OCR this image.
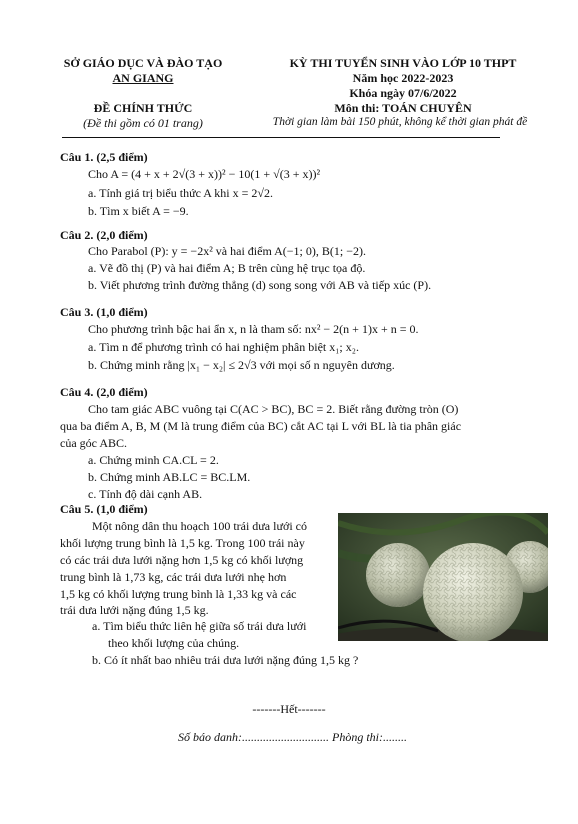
SỞ GIÁO DỤC VÀ ĐÀO TẠO
AN GIANG
ĐỀ CHÍNH THỨC
(Đề thi gồm có 01 trang)
KỲ THI TUYỂN SINH VÀO LỚP 10 THPT
Năm học 2022-2023
Khóa ngày 07/6/2022
Môn thi: TOÁN CHUYÊN
Thời gian làm bài 150 phút, không kể thời gian phát đề
Câu 1. (2,5 điểm)
Cho A = (4 + x + 2√(3 + x))² − 10(1 + √(3 + x))²
a. Tính giá trị biểu thức A khi x = 2√2.
b. Tìm x biết A = −9.
Câu 2. (2,0 điểm)
Cho Parabol (P): y = −2x² và hai điểm A(−1; 0), B(1; −2).
a. Vẽ đồ thị (P) và hai điểm A; B trên cùng hệ trục tọa độ.
b. Viết phương trình đường thẳng (d) song song với AB và tiếp xúc (P).
Câu 3. (1,0 điểm)
Cho phương trình bậc hai ẩn x, n là tham số: nx² − 2(n + 1)x + n = 0.
a. Tìm n để phương trình có hai nghiệm phân biệt x₁; x₂.
b. Chứng minh rằng |x₁ − x₂| ≤ 2√3 với mọi số n nguyên dương.
Câu 4. (2,0 điểm)
Cho tam giác ABC vuông tại C(AC > BC), BC = 2. Biết rằng đường tròn (O)
qua ba điểm A, B, M (M là trung điểm của BC) cắt AC tại L với BL là tia phân giác
của góc ABC.
a. Chứng minh CA.CL = 2.
b. Chứng minh AB.LC = BC.LM.
c. Tính độ dài cạnh AB.
Câu 5. (1,0 điểm)
Một nông dân thu hoạch 100 trái dưa lưới có
khối lượng trung bình là 1,5 kg. Trong 100 trái này
có các trái dưa lưới nặng hơn 1,5 kg có khối lượng
trung bình là 1,73 kg, các trái dưa lưới nhẹ hơn
1,5 kg có khối lượng trung bình là 1,33 kg và các
trái dưa lưới nặng đúng 1,5 kg.
a. Tìm biểu thức liên hệ giữa số trái dưa lưới
theo khối lượng của chúng.
b. Có ít nhất bao nhiêu trái dưa lưới nặng đúng 1,5 kg ?
-------Hết-------
Số báo danh:............................. Phòng thi:........
